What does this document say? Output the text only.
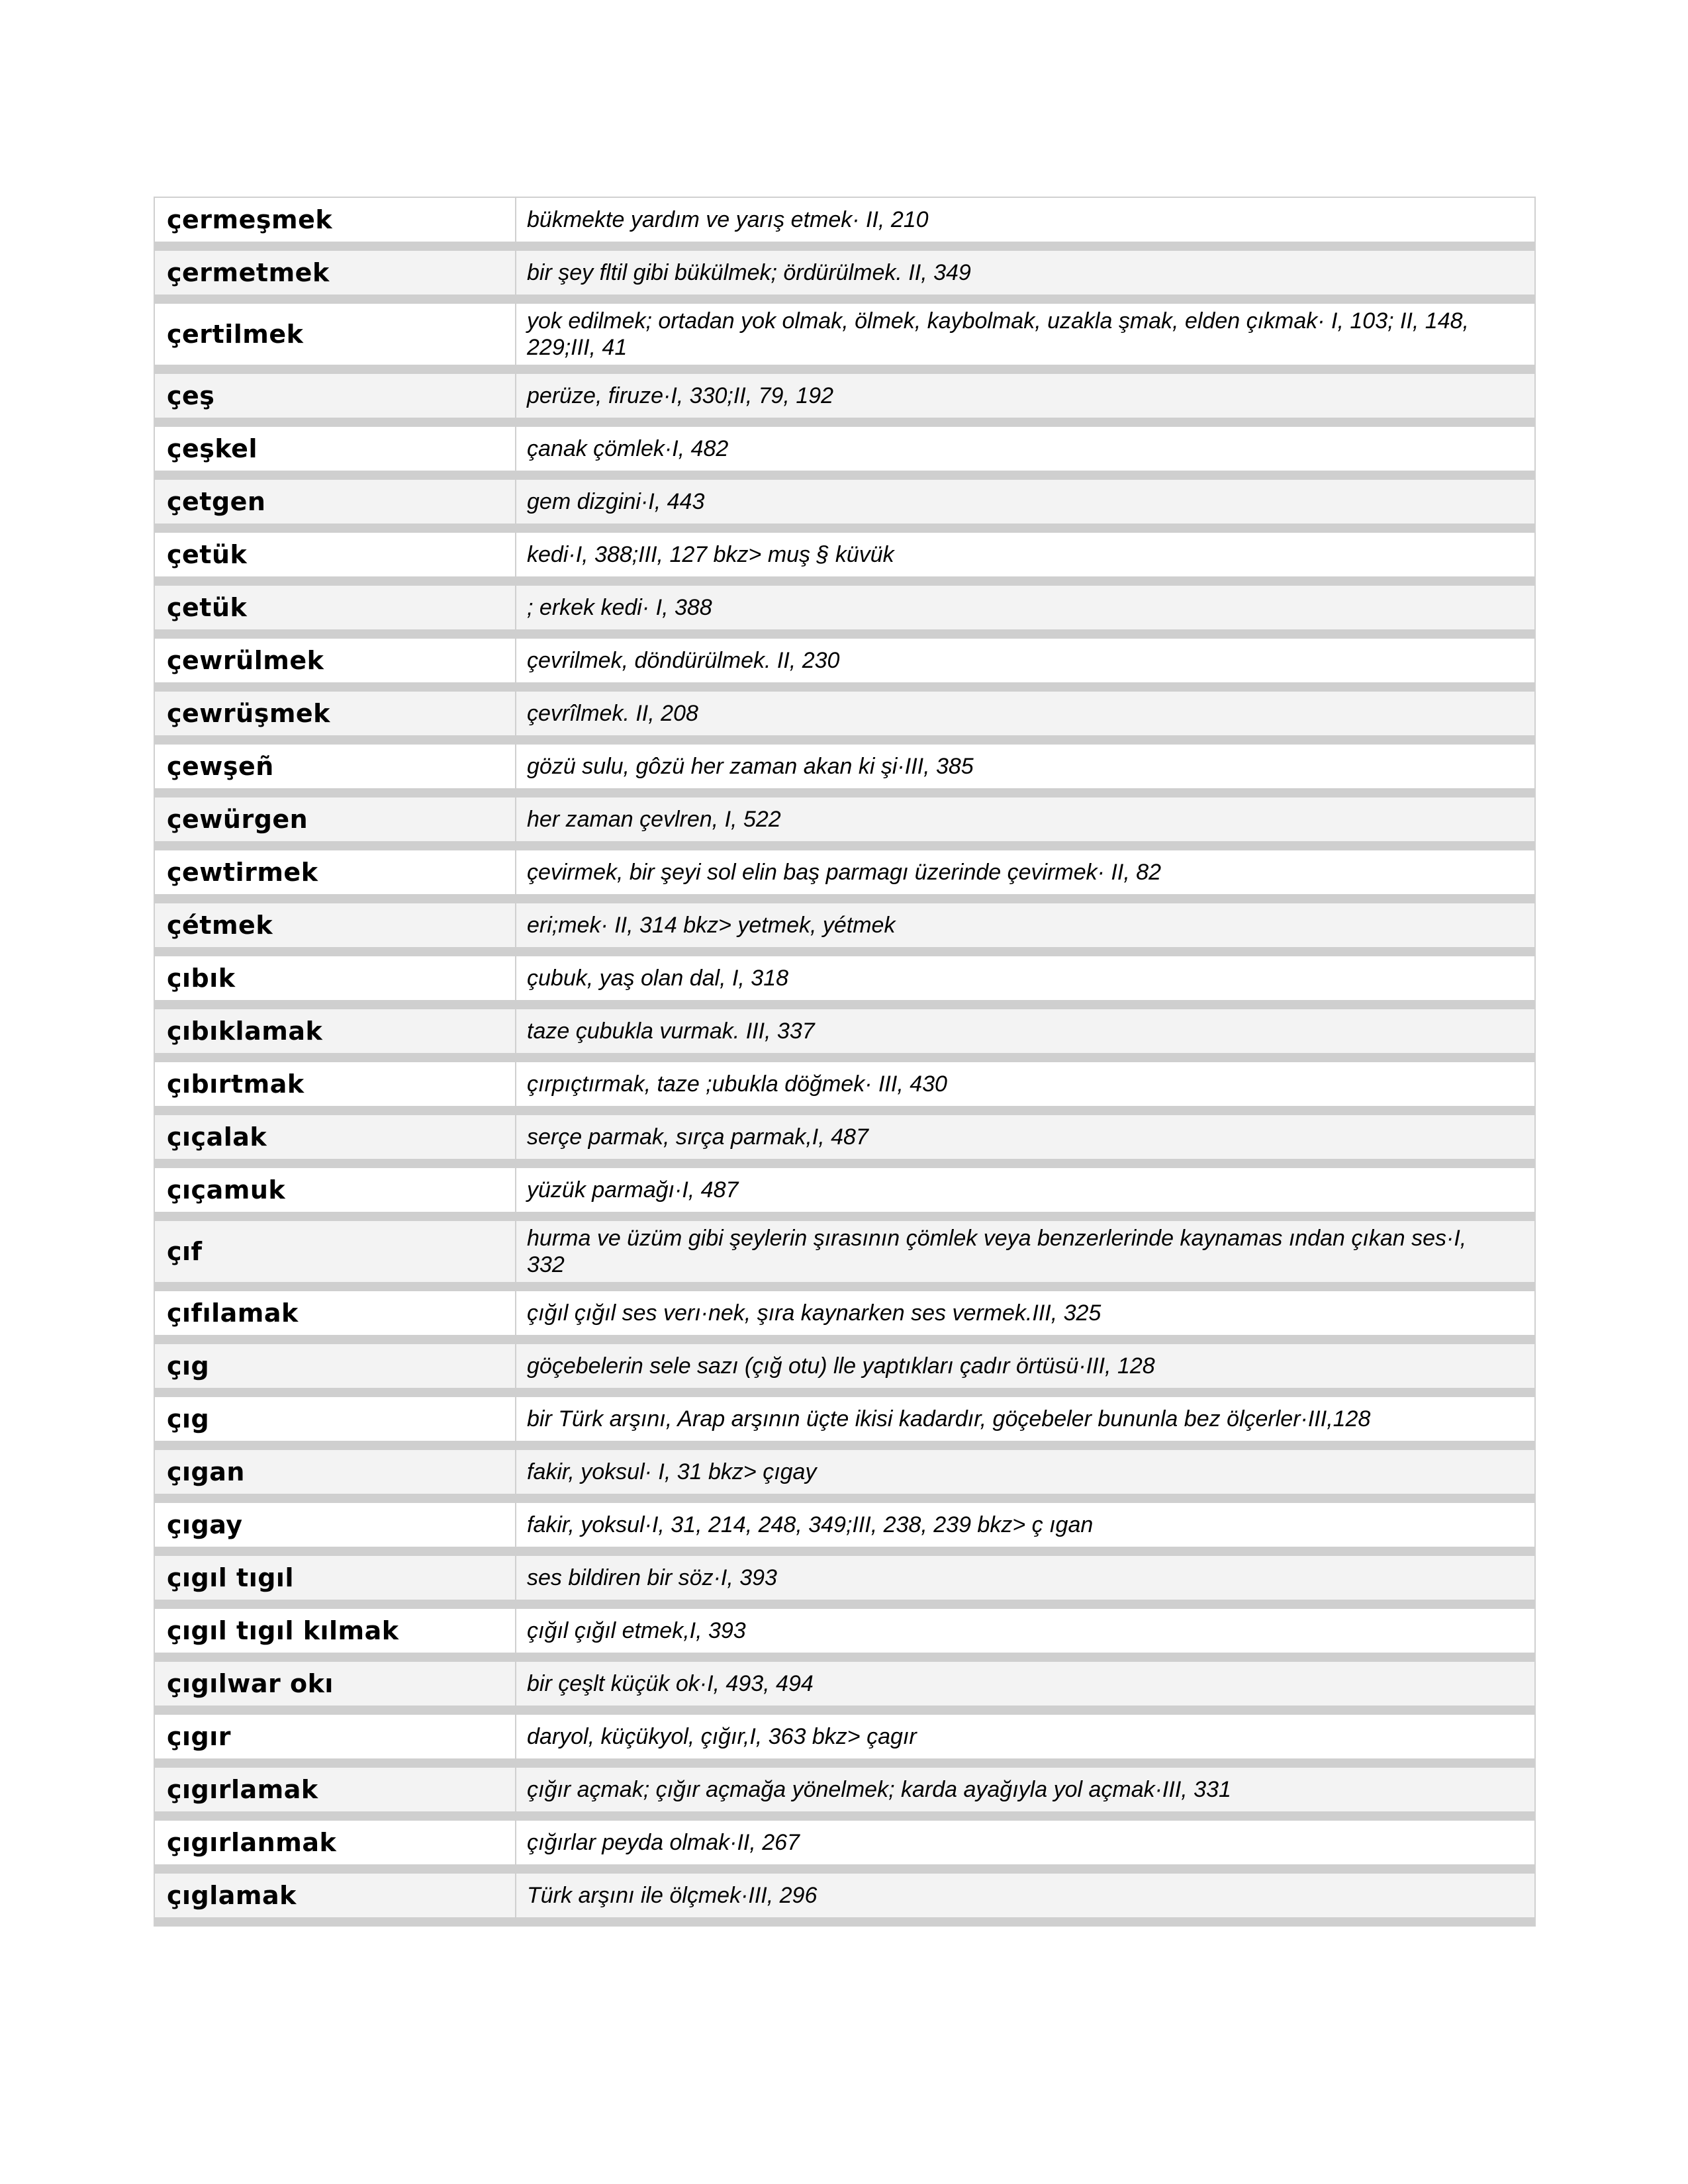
çermeşmek	bükmekte yardım ve yarış etmek· II, 210
çermetmek	bir şey fltil gibi bükülmek; ördürülmek. II, 349
çertilmek	yok edilmek; ortadan yok olmak, ölmek, kaybolmak, uzakla şmak, elden çıkmak· I, 103; II, 148, 229;III, 41
çeş	perüze, firuze·I, 330;II, 79, 192
çeşkel	çanak çömlek·I, 482
çetgen	gem dizgini·I, 443
çetük	kedi·I, 388;III, 127 bkz> muş § küvük
çetük	; erkek kedi· I, 388
çewrülmek	çevrilmek, döndürülmek. II, 230
çewrüşmek	çevrîlmek. II, 208
çewşeñ	gözü sulu, gôzü her zaman akan ki şi·III, 385
çewürgen	her zaman çevlren, I, 522
çewtirmek	çevirmek, bir şeyi sol elin baş parmagı üzerinde çevirmek· II, 82
çétmek	eri;mek· II, 314 bkz> yetmek, yétmek
çıbık	çubuk, yaş olan dal, I, 318
çıbıklamak	taze çubukla vurmak. III, 337
çıbırtmak	çırpıçtırmak, taze ;ubukla döğmek· III, 430
çıçalak	serçe parmak, sırça parmak,I, 487
çıçamuk	yüzük parmağı·I, 487
çıf	hurma ve üzüm gibi şeylerin şırasının çömlek veya benzerlerinde kaynamas ından çıkan ses·I, 332
çıfılamak	çığıl çığıl ses verı·nek, şıra kaynarken ses vermek.III, 325
çıg	göçebelerin sele sazı (çığ otu) lle yaptıkları çadır örtüsü·III, 128
çıg	bir Türk arşını, Arap arşının üçte ikisi kadardır, göçebeler bununla bez ölçerler·III,128
çıgan	fakir, yoksul· I, 31 bkz> çıgay
çıgay	fakir, yoksul·I, 31, 214, 248, 349;III, 238, 239 bkz> ç ıgan
çıgıl tıgıl	ses bildiren bir söz·I, 393
çıgıl tıgıl kılmak	çığıl çığıl etmek,I, 393
çıgılwar okı	bir çeşlt küçük ok·I, 493, 494
çıgır	daryol, küçükyol, çığır,I, 363 bkz> çagır
çıgırlamak	çığır açmak; çığır açmağa yönelmek; karda ayağıyla yol açmak·III, 331
çıgırlanmak	çığırlar peyda olmak·II, 267
çıglamak	Türk arşını ile ölçmek·III, 296
